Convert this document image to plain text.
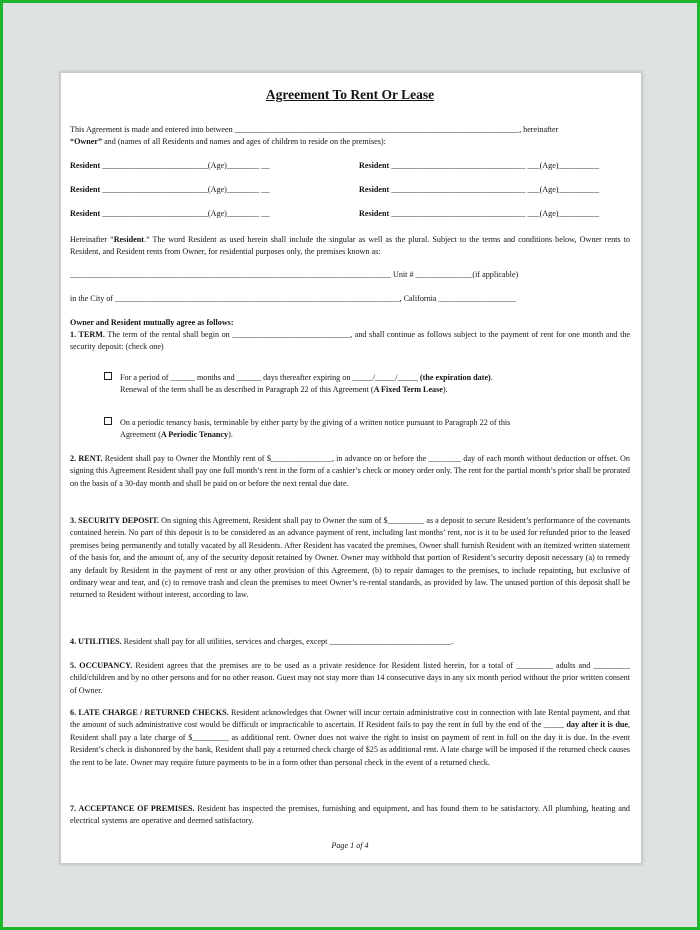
Agreement To Rent Or Lease
This Agreement is made and entered into between ______________________________________________________________________, hereinafter
“Owner” and (names of all Residents and names and ages of children to reside on the premises):
Resident __________________________(Age)________ __	Resident _________________________________ ___(Age)__________
Resident __________________________(Age)________ __	Resident _________________________________ ___(Age)__________
Resident __________________________(Age)________ __	Resident _________________________________ ___(Age)__________
Hereinafter “Resident.” The word Resident as used herein shall include the singular as well as the plural. Subject to the terms and conditions below, Owner rents to Resident, and Resident rents from Owner, for residential purposes only, the premises known as:
_______________________________________________________________________________ Unit # ______________(if applicable)
in the City of ______________________________________________________________________, California ___________________
Owner and Resident mutually agree as follows:
1. TERM. The term of the rental shall begin on _____________________________, and shall continue as follows subject to the payment of rent for one month and the security deposit: (check one)
For a period of ______ months and ______ days thereafter expiring on _____/_____/_____ (the expiration date).
Renewal of the term shall be as described in Paragraph 22 of this Agreement (A Fixed Term Lease).
On a periodic tenancy basis, terminable by either party by the giving of a written notice pursuant to Paragraph 22 of this
Agreement (A Periodic Tenancy).
2. RENT. Resident shall pay to Owner the Monthly rent of $_______________, in advance on or before the ________ day of each month without deduction or offset. On signing this Agreement Resident shall pay one full month’s rent in the form of a cashier’s check or money order only. The rent for the partial month’s prior shall be prorated on the basis of a 30-day month and shall be paid on or before the next rental due date.
3. SECURITY DEPOSIT. On signing this Agreement, Resident shall pay to Owner the sum of $_________ as a deposit to secure Resident’s performance of the covenants contained herein. No part of this deposit is to be considered as an advance payment of rent, including last months’ rent, nor is it to be used for refunded prior to the leased premises being permanently and totally vacated by all Residents. After Resident has vacated the premises, Owner shall furnish Resident with an itemized written statement of the basis for, and the amount of, any of the security deposit retained by Owner. Owner may withhold that portion of Resident’s security deposit necessary (a) to remedy any default by Resident in the payment of rent or any other provision of this Agreement, (b) to repair damages to the premises, to include repainting, but exclusive of ordinary wear and tear, and (c) to remove trash and clean the premises to meet Owner’s re-rental standards, as provided by law. The unused portion of this deposit shall be returned to Resident without interest, according to law.
4. UTILITIES. Resident shall pay for all utilities, services and charges, except ______________________________.
5. OCCUPANCY. Resident agrees that the premises are to be used as a private residence for Resident listed herein, for a total of _________ adults and _________ child/children and by no other persons and for no other reason. Guest may not stay more than 14 consecutive days in any six month period without the prior written consent of Owner.
6. LATE CHARGE / RETURNED CHECKS. Resident acknowledges that Owner will incur certain administrative cost in connection with late Rental payment, and that the amount of such administrative cost would be difficult or impracticable to ascertain. If Resident fails to pay the rent in full by the end of the _____ day after it is due, Resident shall pay a late charge of $_________ as additional rent. Owner does not waive the right to insist on payment of rent in full on the day it is due. In the event Resident’s check is dishonored by the bank, Resident shall pay a returned check charge of $25 as additional rent. A late charge will be imposed if the returned check causes the rent to be late. Owner may require future payments to be in a form other than personal check in the event of a returned check.
7. ACCEPTANCE OF PREMISES. Resident has inspected the premises, furnishing and equipment, and has found them to be satisfactory. All plumbing, heating and electrical systems are operative and deemed satisfactory.
Page 1 of 4
